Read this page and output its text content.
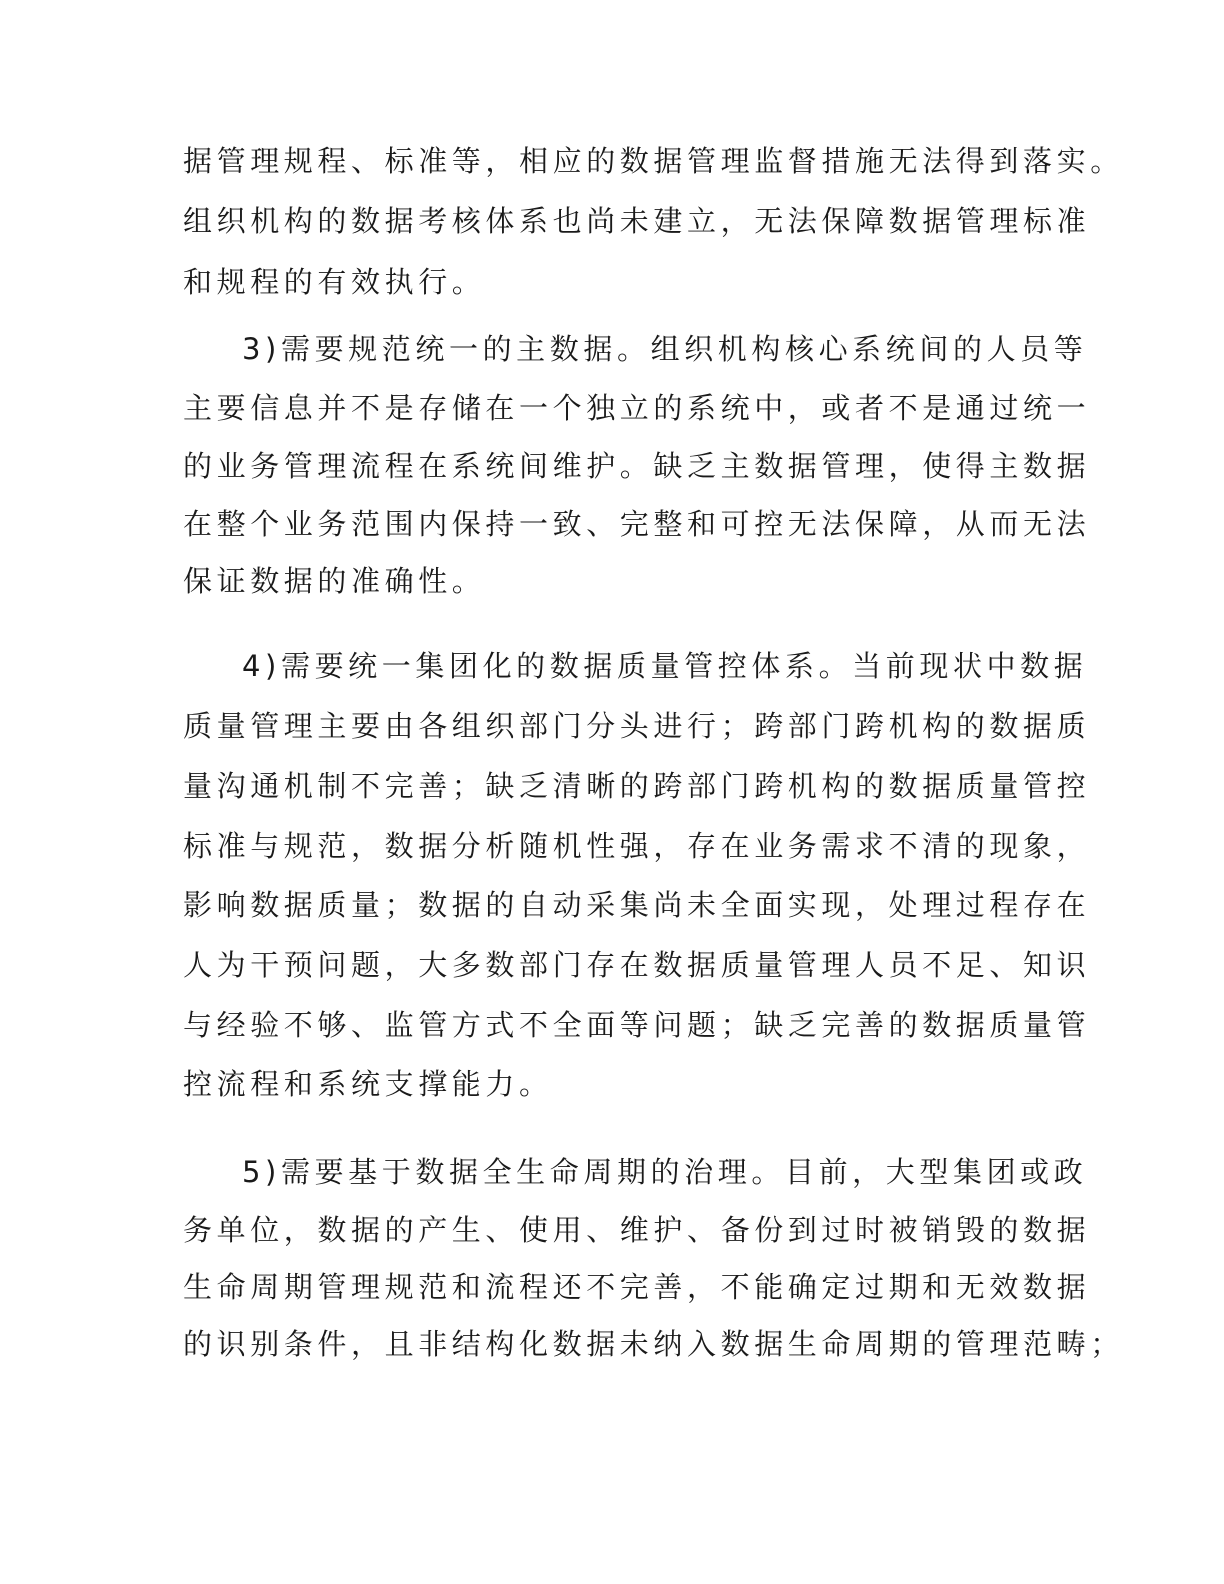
据管理规程、标准等，相应的数据管理监督措施无法得到落实。
组织机构的数据考核体系也尚未建立，无法保障数据管理标准
和规程的有效执行。
3)需要规范统一的主数据。组织机构核心系统间的人员等
主要信息并不是存储在一个独立的系统中，或者不是通过统一
的业务管理流程在系统间维护。缺乏主数据管理，使得主数据
在整个业务范围内保持一致、完整和可控无法保障，从而无法
保证数据的准确性。
4)需要统一集团化的数据质量管控体系。当前现状中数据
质量管理主要由各组织部门分头进行；跨部门跨机构的数据质
量沟通机制不完善；缺乏清晰的跨部门跨机构的数据质量管控
标准与规范，数据分析随机性强，存在业务需求不清的现象，
影响数据质量；数据的自动采集尚未全面实现，处理过程存在
人为干预问题，大多数部门存在数据质量管理人员不足、知识
与经验不够、监管方式不全面等问题；缺乏完善的数据质量管
控流程和系统支撑能力。
5)需要基于数据全生命周期的治理。目前，大型集团或政
务单位，数据的产生、使用、维护、备份到过时被销毁的数据
生命周期管理规范和流程还不完善，不能确定过期和无效数据
的识别条件，且非结构化数据未纳入数据生命周期的管理范畴；
